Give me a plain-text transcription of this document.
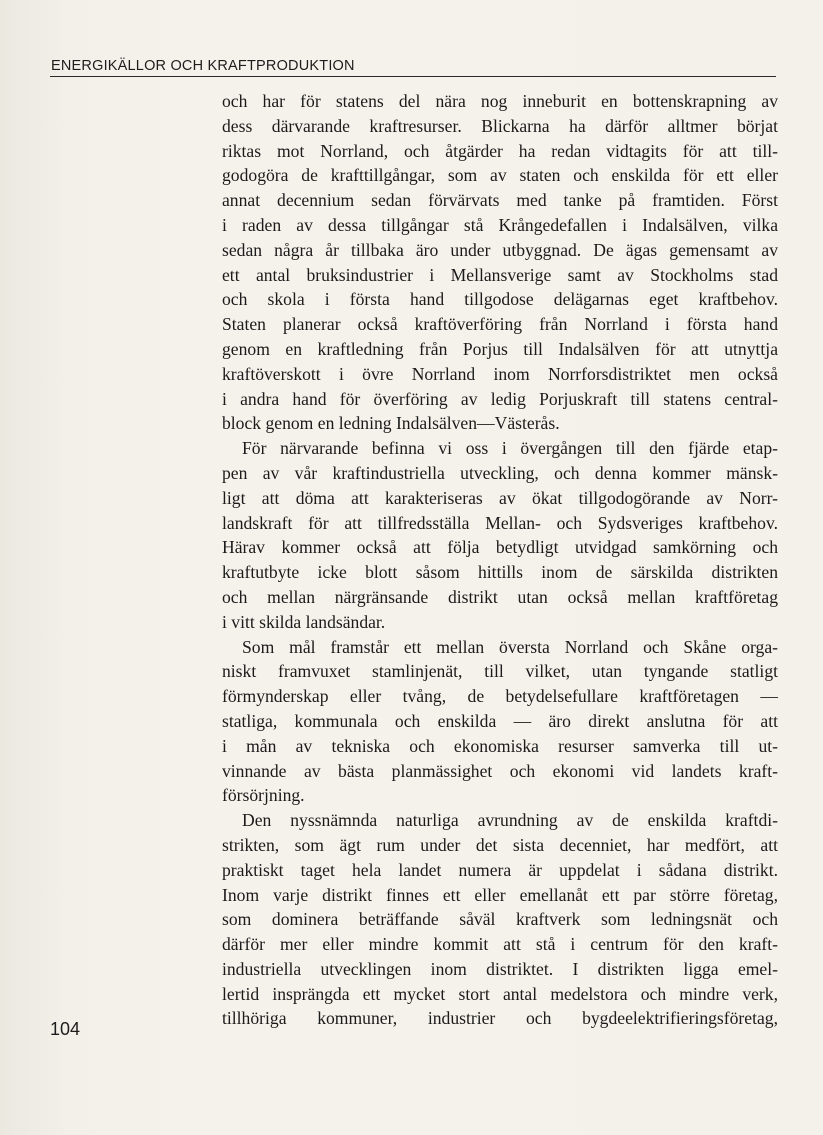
ENERGIKÄLLOR OCH KRAFTPRODUKTION

och har för statens del nära nog inneburit en bottenskrapning av
dess därvarande kraftresurser. Blickarna ha därför alltmer börjat
riktas mot Norrland, och åtgärder ha redan vidtagits för att till-
godogöra de krafttillgångar, som av staten och enskilda för ett eller
annat decennium sedan förvärvats med tanke på framtiden. Först
i raden av dessa tillgångar stå Krångedefallen i Indalsälven, vilka
sedan några år tillbaka äro under utbyggnad. De ägas gemensamt av
ett antal bruksindustrier i Mellansverige samt av Stockholms stad
och skola i första hand tillgodose delägarnas eget kraftbehov.
Staten planerar också kraftöverföring från Norrland i första hand
genom en kraftledning från Porjus till Indalsälven för att utnyttja
kraftöverskott i övre Norrland inom Norrforsdistriktet men också
i andra hand för överföring av ledig Porjuskraft till statens central-
block genom en ledning Indalsälven—Västerås.

För närvarande befinna vi oss i övergången till den fjärde etap-
pen av vår kraftindustriella utveckling, och denna kommer mänsk-
ligt att döma att karakteriseras av ökat tillgodogörande av Norr-
landskraft för att tillfredsställa Mellan- och Sydsveriges kraftbehov.
Härav kommer också att följa betydligt utvidgad samkörning och
kraftutbyte icke blott såsom hittills inom de särskilda distrikten
och mellan närgränsande distrikt utan också mellan kraftföretag
i vitt skilda landsändar.

Som mål framstår ett mellan översta Norrland och Skåne orga-
niskt framvuxet stamlinjenät, till vilket, utan tyngande statligt
förmynderskap eller tvång, de betydelsefullare kraftföretagen —
statliga, kommunala och enskilda — äro direkt anslutna för att
i mån av tekniska och ekonomiska resurser samverka till ut-
vinnande av bästa planmässighet och ekonomi vid landets kraft-
försörjning.

Den nyssnämnda naturliga avrundning av de enskilda kraftdi-
strikten, som ägt rum under det sista decenniet, har medfört, att
praktiskt taget hela landet numera är uppdelat i sådana distrikt.
Inom varje distrikt finnes ett eller emellanåt ett par större företag,
som dominera beträffande såväl kraftverk som ledningsnät och
därför mer eller mindre kommit att stå i centrum för den kraft-
industriella utvecklingen inom distriktet. I distrikten ligga emel-
lertid insprängda ett mycket stort antal medelstora och mindre verk,
tillhöriga kommuner, industrier och bygdeelektrifieringsföretag,

104
